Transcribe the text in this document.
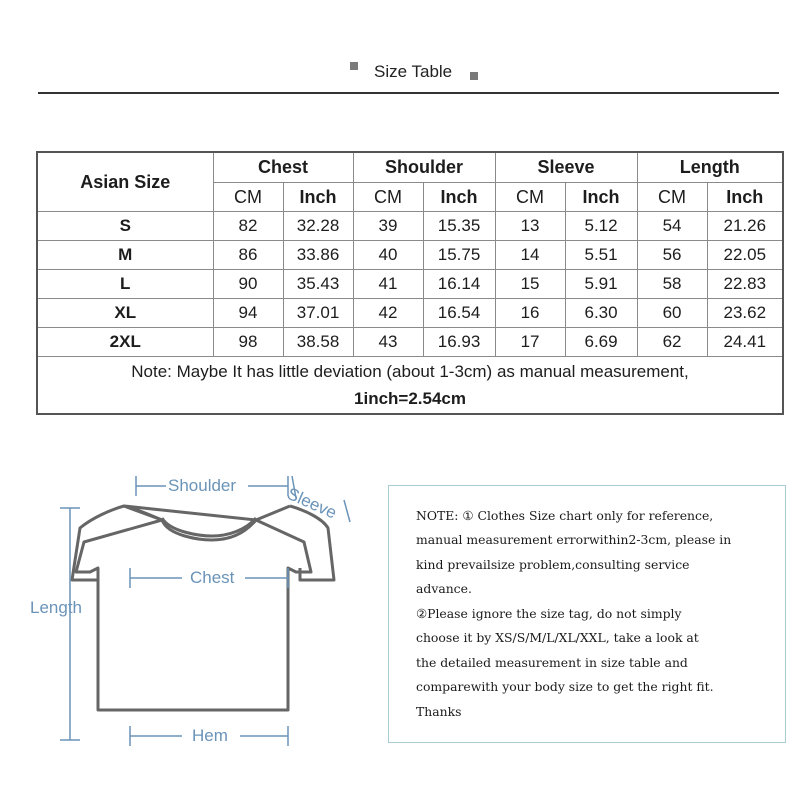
Size Table
Asian Size	Chest		Shoulder		Sleeve		Length	
	CM	Inch	CM	Inch	CM	Inch	CM	Inch
S	82	32.28	39	15.35	13	5.12	54	21.26
M	86	33.86	40	15.75	14	5.51	56	22.05
L	90	35.43	41	16.14	15	5.91	58	22.83
XL	94	37.01	42	16.54	16	6.30	60	23.62
2XL	98	38.58	43	16.93	17	6.69	62	24.41

Note: Maybe It has little deviation (about 1-3cm) as manual measurement,
1inch=2.54cm								
Shoulder	Sleeve
Chest
Length
Hem
NOTE: ① Clothes Size chart only for reference,
manual measurement errorwithin2-3cm, please in
kind prevailsize problem,consulting service
advance.
②Please ignore the size tag, do not simply
choose it by XS/S/M/L/XL/XXL, take a look at
the detailed measurement in size table and
comparewith your body size to get the right fit.
Thanks
